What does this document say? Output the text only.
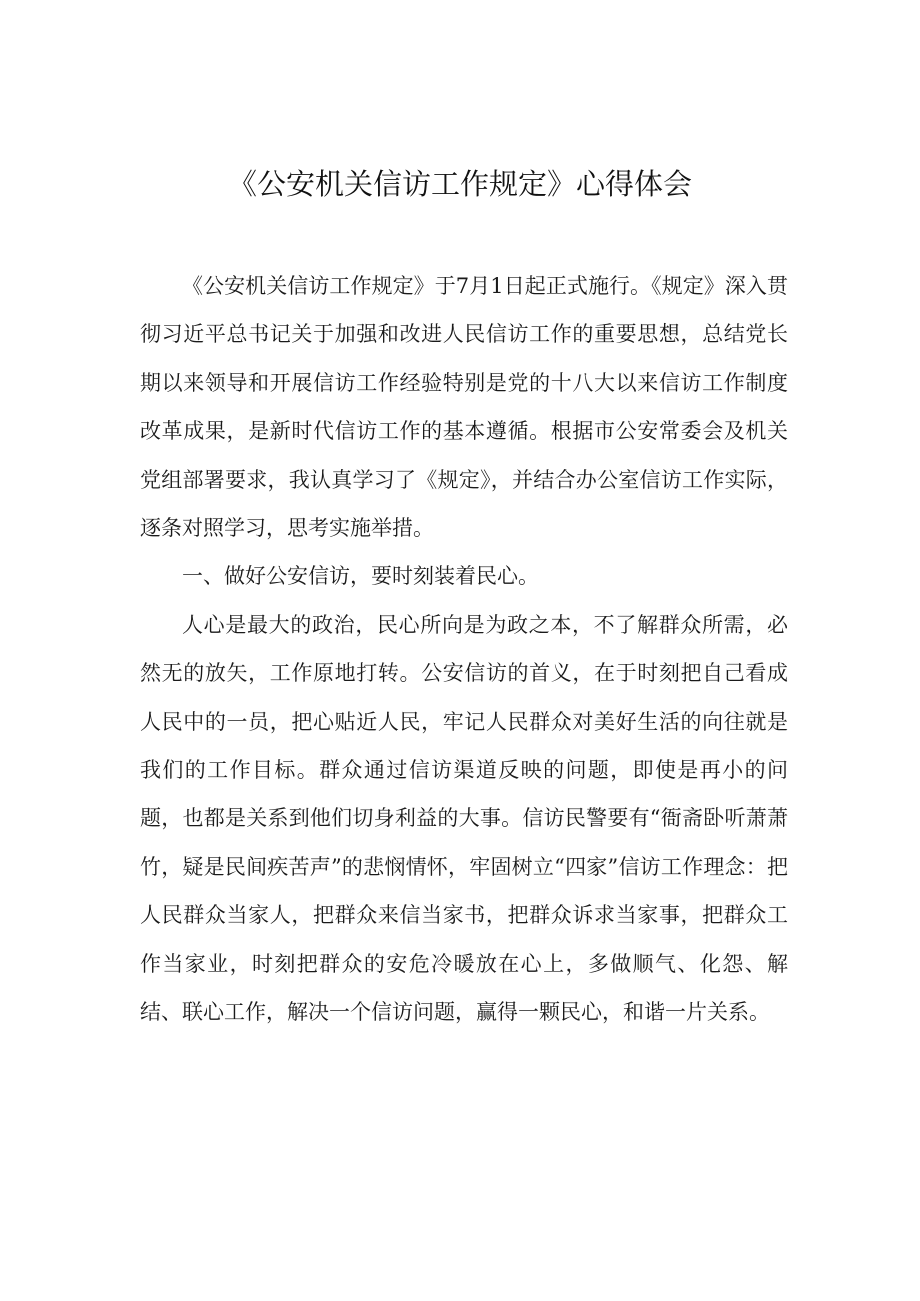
《公安机关信访工作规定》心得体会

《公安机关信访工作规定》于7月1日起正式施行。《规定》深入贯彻习近平总书记关于加强和改进人民信访工作的重要思想，总结党长期以来领导和开展信访工作经验特别是党的十八大以来信访工作制度改革成果，是新时代信访工作的基本遵循。根据市公安常委会及机关党组部署要求，我认真学习了《规定》，并结合办公室信访工作实际，逐条对照学习，思考实施举措。

一、做好公安信访，要时刻装着民心。

人心是最大的政治，民心所向是为政之本，不了解群众所需，必然无的放矢，工作原地打转。公安信访的首义，在于时刻把自己看成人民中的一员，把心贴近人民，牢记人民群众对美好生活的向往就是我们的工作目标。群众通过信访渠道反映的问题，即使是再小的问题，也都是关系到他们切身利益的大事。信访民警要有“衙斋卧听萧萧竹，疑是民间疾苦声”的悲悯情怀，牢固树立“四家”信访工作理念：把人民群众当家人，把群众来信当家书，把群众诉求当家事，把群众工作当家业，时刻把群众的安危冷暖放在心上，多做顺气、化怨、解结、联心工作，解决一个信访问题，赢得一颗民心，和谐一片关系。
